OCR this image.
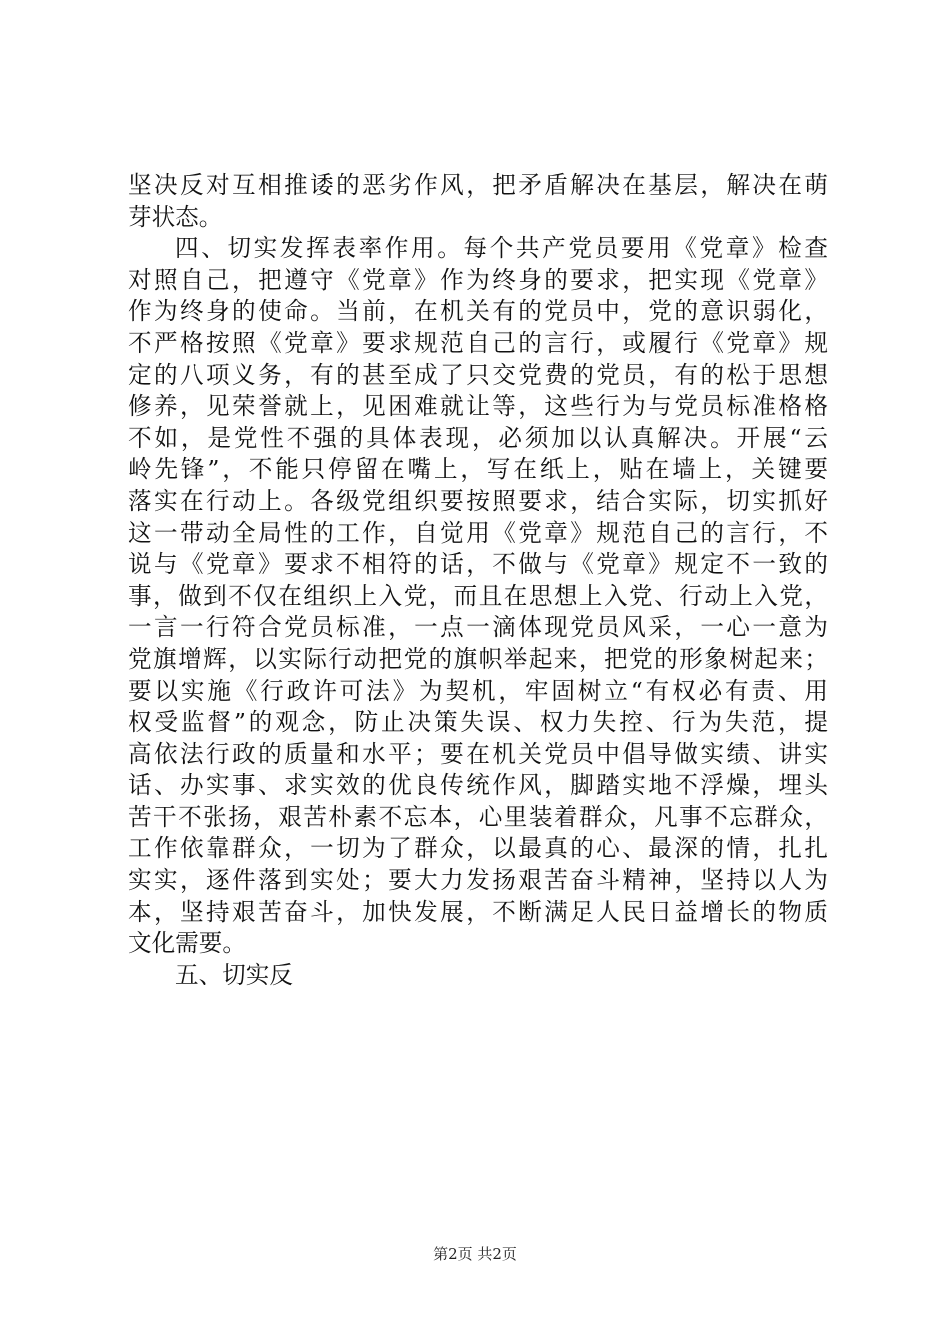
坚决反对互相推诿的恶劣作风，把矛盾解决在基层，解决在萌
芽状态。
四、切实发挥表率作用。每个共产党员要用《党章》检查
对照自己，把遵守《党章》作为终身的要求，把实现《党章》
作为终身的使命。当前，在机关有的党员中，党的意识弱化，
不严格按照《党章》要求规范自己的言行，或履行《党章》规
定的八项义务，有的甚至成了只交党费的党员，有的松于思想
修养，见荣誉就上，见困难就让等，这些行为与党员标准格格
不如，是党性不强的具体表现，必须加以认真解决。开展“云
岭先锋”，不能只停留在嘴上，写在纸上，贴在墙上，关键要
落实在行动上。各级党组织要按照要求，结合实际，切实抓好
这一带动全局性的工作，自觉用《党章》规范自己的言行，不
说与《党章》要求不相符的话，不做与《党章》规定不一致的
事，做到不仅在组织上入党，而且在思想上入党、行动上入党，
一言一行符合党员标准，一点一滴体现党员风采，一心一意为
党旗增辉，以实际行动把党的旗帜举起来，把党的形象树起来；
要以实施《行政许可法》为契机，牢固树立“有权必有责、用
权受监督”的观念，防止决策失误、权力失控、行为失范，提
高依法行政的质量和水平；要在机关党员中倡导做实绩、讲实
话、办实事、求实效的优良传统作风，脚踏实地不浮燥，埋头
苦干不张扬，艰苦朴素不忘本，心里装着群众，凡事不忘群众，
工作依靠群众，一切为了群众，以最真的心、最深的情，扎扎
实实，逐件落到实处；要大力发扬艰苦奋斗精神，坚持以人为
本，坚持艰苦奋斗，加快发展，不断满足人民日益增长的物质
文化需要。
五、切实反
第2页 共2页
